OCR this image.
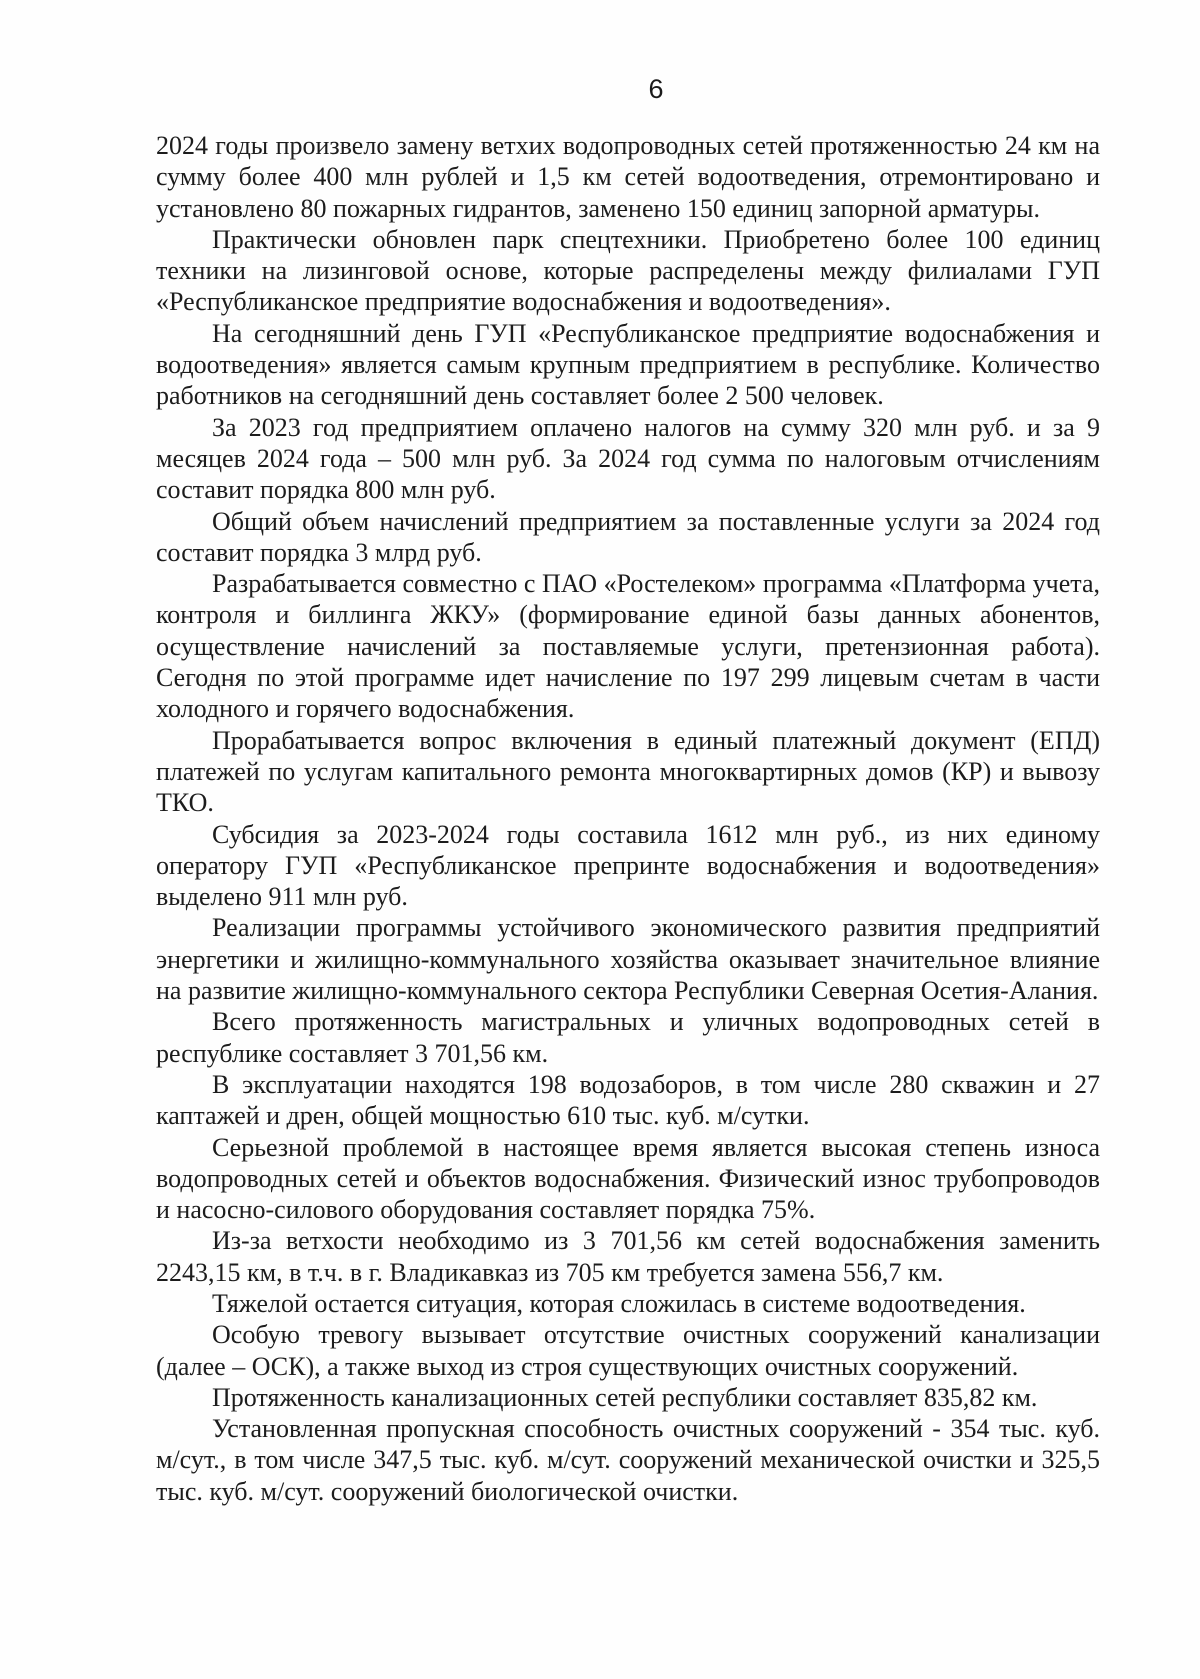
6

2024 годы произвело замену ветхих водопроводных сетей протяженностью 24 км на сумму более 400 млн рублей и 1,5 км сетей водоотведения, отремонтировано и установлено 80 пожарных гидрантов, заменено 150 единиц запорной арматуры.

Практически обновлен парк спецтехники. Приобретено более 100 единиц техники на лизинговой основе, которые распределены между филиалами ГУП «Республиканское предприятие водоснабжения и водоотведения».

На сегодняшний день ГУП «Республиканское предприятие водоснабжения и водоотведения» является самым крупным предприятием в республике. Количество работников на сегодняшний день составляет более 2 500 человек.

За 2023 год предприятием оплачено налогов на сумму 320 млн руб. и за 9 месяцев 2024 года – 500 млн руб. За 2024 год сумма по налоговым отчислениям составит порядка 800 млн руб.

Общий объем начислений предприятием за поставленные услуги за 2024 год составит порядка 3 млрд руб.

Разрабатывается совместно с ПАО «Ростелеком» программа «Платформа учета, контроля и биллинга ЖКУ» (формирование единой базы данных абонентов, осуществление начислений за поставляемые услуги, претензионная работа). Сегодня по этой программе идет начисление по 197 299 лицевым счетам в части холодного и горячего водоснабжения.

Прорабатывается вопрос включения в единый платежный документ (ЕПД) платежей по услугам капитального ремонта многоквартирных домов (КР) и вывозу ТКО.

Субсидия за 2023-2024 годы составила 1612 млн руб., из них единому оператору ГУП «Республиканское препринте водоснабжения и водоотведения» выделено 911 млн руб.

Реализации программы устойчивого экономического развития предприятий энергетики и жилищно-коммунального хозяйства оказывает значительное влияние на развитие жилищно-коммунального сектора Республики Северная Осетия-Алания.

Всего протяженность магистральных и уличных водопроводных сетей в республике составляет 3 701,56 км.

В эксплуатации находятся 198 водозаборов, в том числе 280 скважин и 27 каптажей и дрен, общей мощностью 610 тыс. куб. м/сутки.

Серьезной проблемой в настоящее время является высокая степень износа водопроводных сетей и объектов водоснабжения. Физический износ трубопроводов и насосно-силового оборудования составляет порядка 75%.

Из-за ветхости необходимо из 3 701,56 км сетей водоснабжения заменить 2243,15 км, в т.ч. в г. Владикавказ из 705 км требуется замена 556,7 км.

Тяжелой остается ситуация, которая сложилась в системе водоотведения.

Особую тревогу вызывает отсутствие очистных сооружений канализации (далее – ОСК), а также выход из строя существующих очистных сооружений.

Протяженность канализационных сетей республики составляет 835,82 км.

Установленная пропускная способность очистных сооружений - 354 тыс. куб. м/сут., в том числе 347,5 тыс. куб. м/сут. сооружений механической очистки и 325,5 тыс. куб. м/сут. сооружений биологической очистки.
